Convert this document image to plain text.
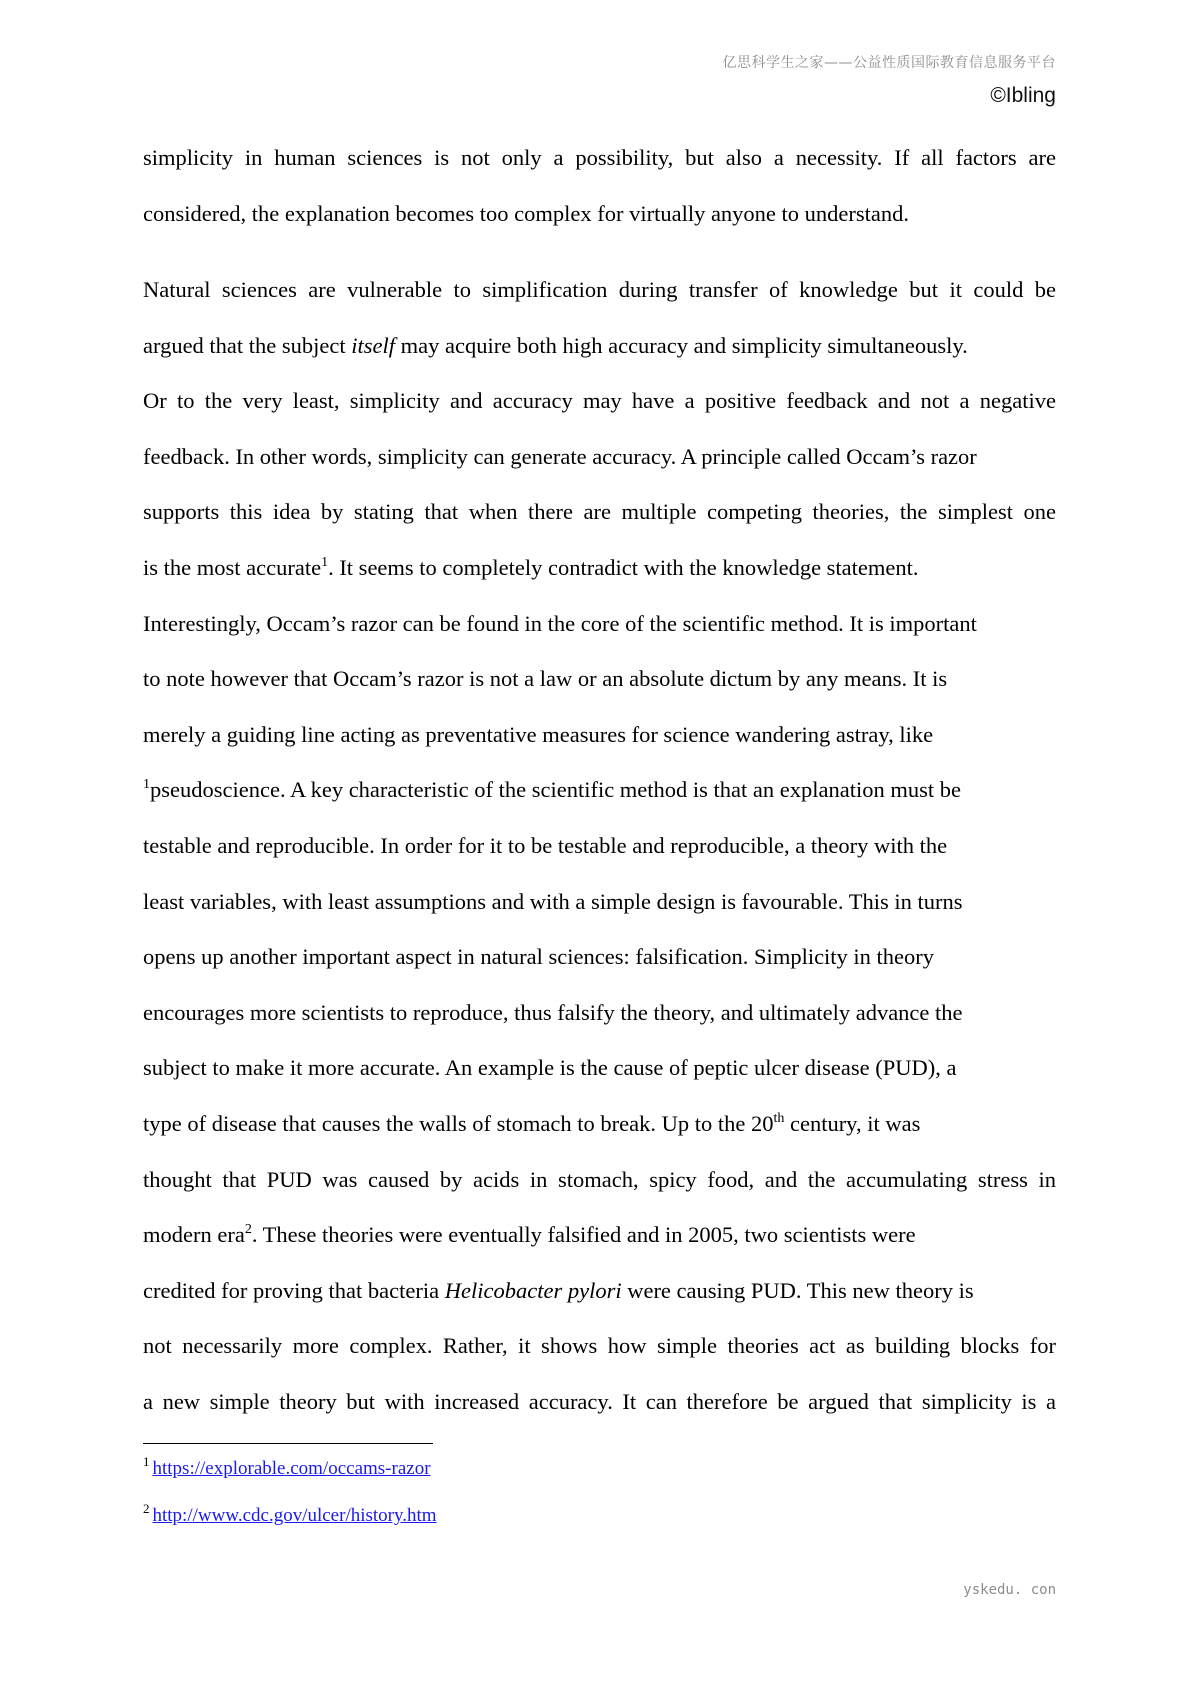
亿思科学生之家——公益性质国际教育信息服务平台
©Ibling
simplicity in human sciences is not only a possibility, but also a necessity. If all factors are
considered, the explanation becomes too complex for virtually anyone to understand.
Natural sciences are vulnerable to simplification during transfer of knowledge but it could be
argued that the subject itself may acquire both high accuracy and simplicity simultaneously.
Or to the very least, simplicity and accuracy may have a positive feedback and not a negative
feedback. In other words, simplicity can generate accuracy. A principle called Occam’s razor
supports this idea by stating that when there are multiple competing theories, the simplest one
is the most accurate$^1$. It seems to completely contradict with the knowledge statement.
Interestingly, Occam’s razor can be found in the core of the scientific method. It is important
to note however that Occam’s razor is not a law or an absolute dictum by any means. It is
merely a guiding line acting as preventative measures for science wandering astray, like
$^1$pseudoscience. A key characteristic of the scientific method is that an explanation must be
testable and reproducible. In order for it to be testable and reproducible, a theory with the
least variables, with least assumptions and with a simple design is favourable. This in turns
opens up another important aspect in natural sciences: falsification. Simplicity in theory
encourages more scientists to reproduce, thus falsify the theory, and ultimately advance the
subject to make it more accurate. An example is the cause of peptic ulcer disease (PUD), a
type of disease that causes the walls of stomach to break. Up to the 20th century, it was
thought that PUD was caused by acids in stomach, spicy food, and the accumulating stress in
modern era$^2$. These theories were eventually falsified and in 2005, two scientists were
credited for proving that bacteria Helicobacter pylori were causing PUD. This new theory is
not necessarily more complex. Rather, it shows how simple theories act as building blocks for
a new simple theory but with increased accuracy. It can therefore be argued that simplicity is a
$^1$ https://explorable.com/occams-razor
$^2$ http://www.cdc.gov/ulcer/history.htm
yskedu. con
